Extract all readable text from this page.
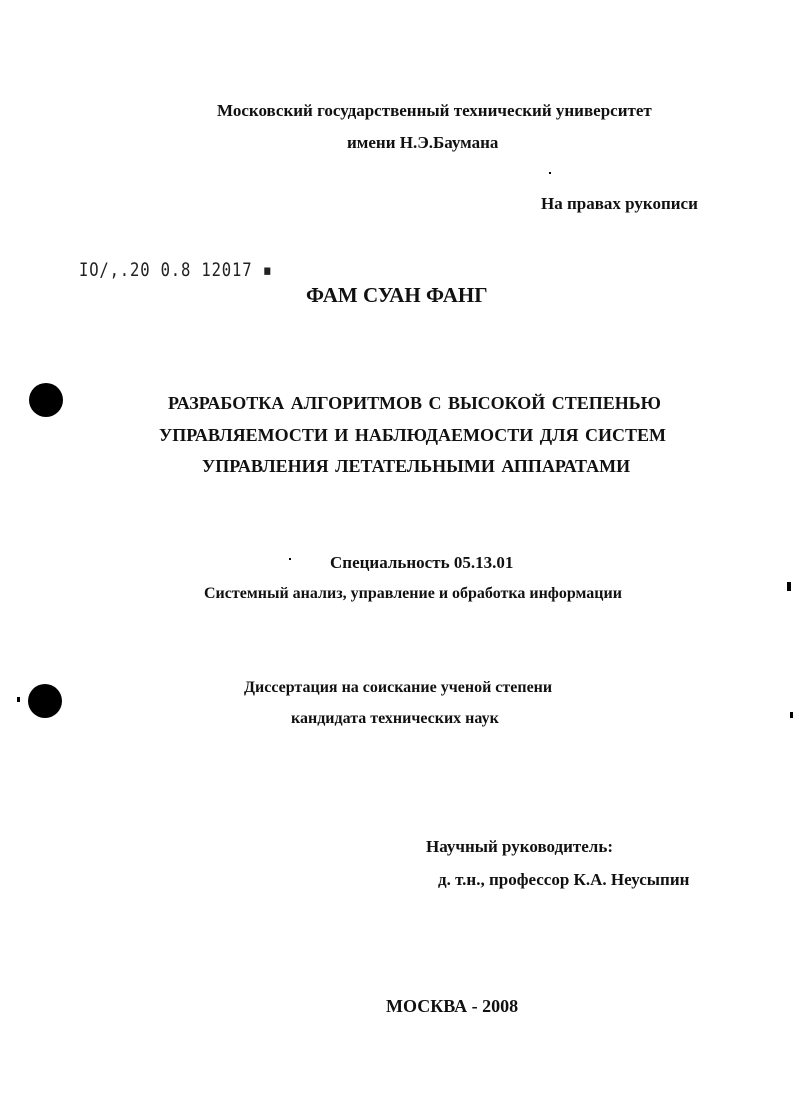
Московский государственный технический университет
имени Н.Э.Баумана
На правах рукописи
ІΟ/,.20 0.8 12017 ▪
ФАМ СУАН ФАНГ
РАЗРАБОТКА АЛГОРИТМОВ С ВЫСОКОЙ СТЕПЕНЬЮ
УПРАВЛЯЕМОСТИ И НАБЛЮДАЕМОСТИ ДЛЯ СИСТЕМ
УПРАВЛЕНИЯ ЛЕТАТЕЛЬНЫМИ АППАРАТАМИ
Специальность 05.13.01
Системный анализ, управление и обработка информации
Диссертация на соискание ученой степени
кандидата технических наук
Научный руководитель:
д. т.н., профессор К.А. Неусыпин
МОСКВА - 2008
